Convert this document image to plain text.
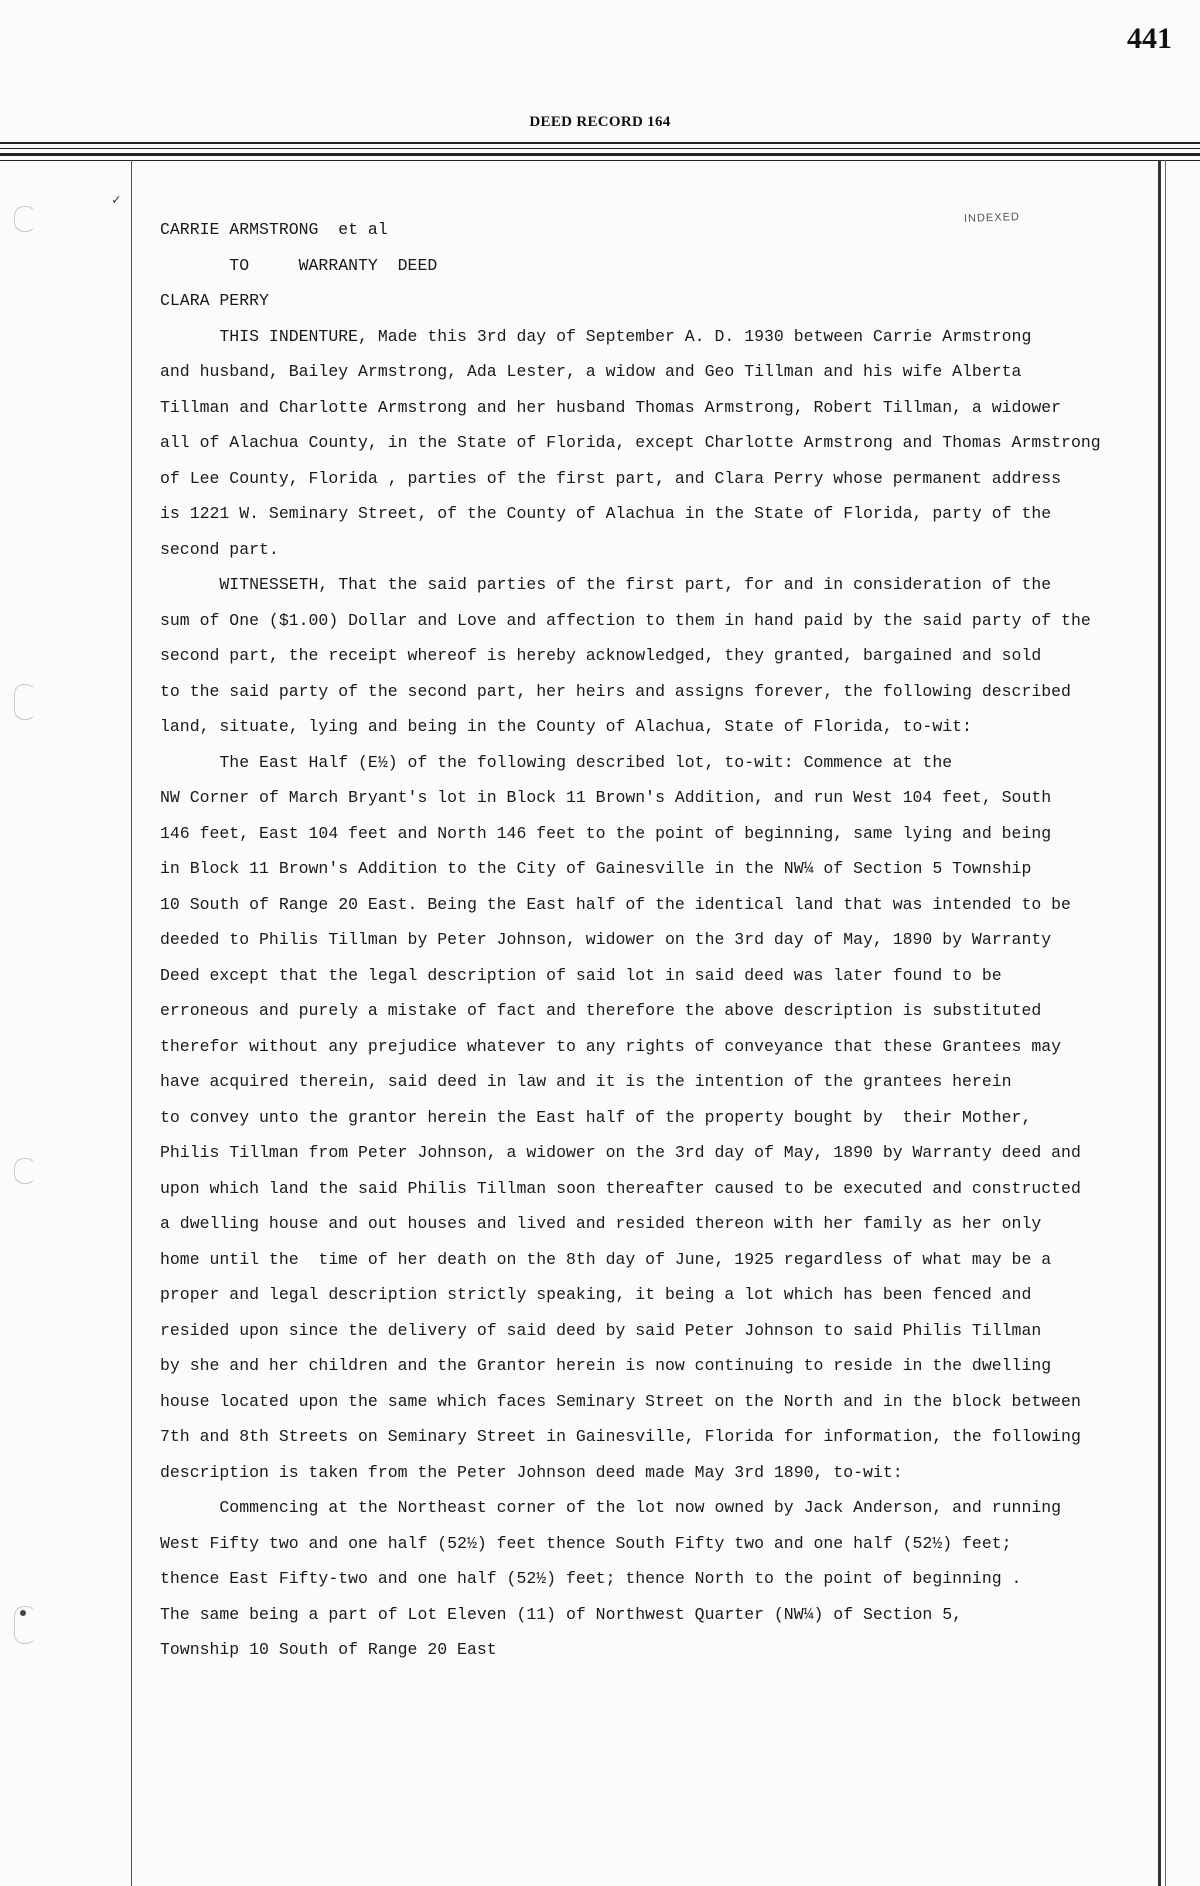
441
DEED RECORD 164
✓
INDEXED
CARRIE ARMSTRONG  et al
TO     WARRANTY  DEED
CLARA PERRY
THIS INDENTURE, Made this 3rd day of September A. D. 1930 between Carrie Armstrong
and husband, Bailey Armstrong, Ada Lester, a widow and Geo Tillman and his wife Alberta
Tillman and Charlotte Armstrong and her husband Thomas Armstrong, Robert Tillman, a widower
all of Alachua County, in the State of Florida, except Charlotte Armstrong and Thomas Armstrong
of Lee County, Florida , parties of the first part, and Clara Perry whose permanent address
is 1221 W. Seminary Street, of the County of Alachua in the State of Florida, party of the
second part.
WITNESSETH, That the said parties of the first part, for and in consideration of the
sum of One ($1.00) Dollar and Love and affection to them in hand paid by the said party of the
second part, the receipt whereof is hereby acknowledged, they granted, bargained and sold
to the said party of the second part, her heirs and assigns forever, the following described
land, situate, lying and being in the County of Alachua, State of Florida, to-wit:
The East Half (E½) of the following described lot, to-wit: Commence at the
NW Corner of March Bryant's lot in Block 11 Brown's Addition, and run West 104 feet, South
146 feet, East 104 feet and North 146 feet to the point of beginning, same lying and being
in Block 11 Brown's Addition to the City of Gainesville in the NW¼ of Section 5 Township
10 South of Range 20 East. Being the East half of the identical land that was intended to be
deeded to Philis Tillman by Peter Johnson, widower on the 3rd day of May, 1890 by Warranty
Deed except that the legal description of said lot in said deed was later found to be
erroneous and purely a mistake of fact and therefore the above description is substituted
therefor without any prejudice whatever to any rights of conveyance that these Grantees may
have acquired therein, said deed in law and it is the intention of the grantees herein
to convey unto the grantor herein the East half of the property bought by  their Mother,
Philis Tillman from Peter Johnson, a widower on the 3rd day of May, 1890 by Warranty deed and
upon which land the said Philis Tillman soon thereafter caused to be executed and constructed
a dwelling house and out houses and lived and resided thereon with her family as her only
home until the  time of her death on the 8th day of June, 1925 regardless of what may be a
proper and legal description strictly speaking, it being a lot which has been fenced and
resided upon since the delivery of said deed by said Peter Johnson to said Philis Tillman
by she and her children and the Grantor herein is now continuing to reside in the dwelling
house located upon the same which faces Seminary Street on the North and in the block between
7th and 8th Streets on Seminary Street in Gainesville, Florida for information, the following
description is taken from the Peter Johnson deed made May 3rd 1890, to-wit:
Commencing at the Northeast corner of the lot now owned by Jack Anderson, and running
West Fifty two and one half (52½) feet thence South Fifty two and one half (52½) feet;
thence East Fifty-two and one half (52½) feet; thence North to the point of beginning .
The same being a part of Lot Eleven (11) of Northwest Quarter (NW¼) of Section 5,
Township 10 South of Range 20 East
